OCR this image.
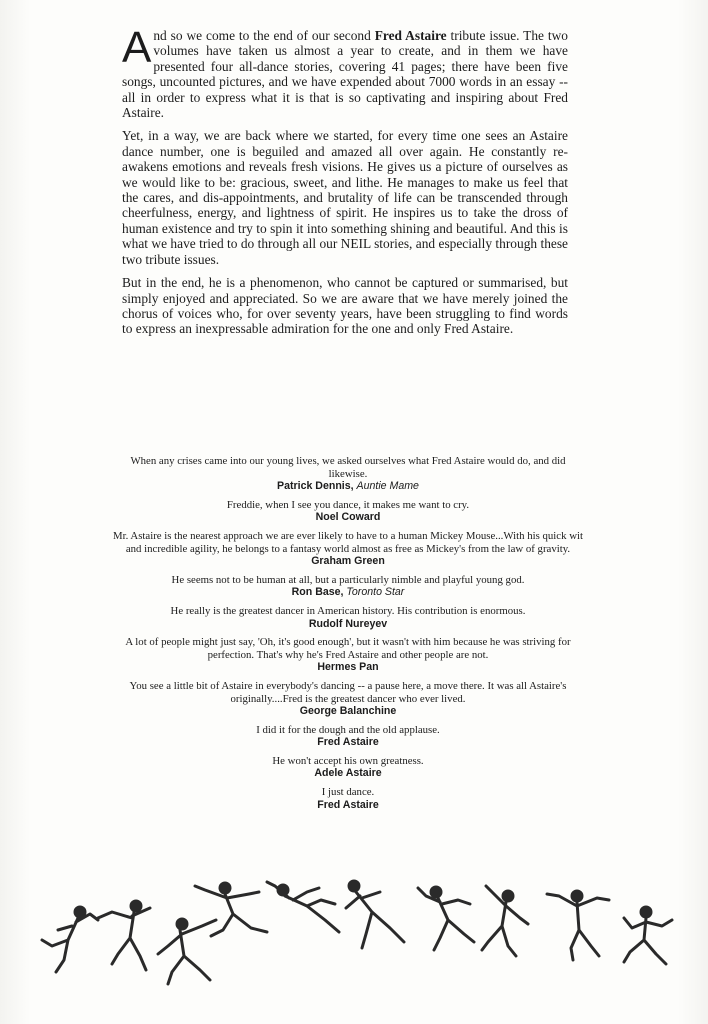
And so we come to the end of our second Fred Astaire tribute issue. The two volumes have taken us almost a year to create, and in them we have presented four all-dance stories, covering 41 pages; there have been five songs, uncounted pictures, and we have expended about 7000 words in an essay -- all in order to express what it is that is so captivating and inspiring about Fred Astaire.

Yet, in a way, we are back where we started, for every time one sees an Astaire dance number, one is beguiled and amazed all over again. He constantly re-awakens emotions and reveals fresh visions. He gives us a picture of ourselves as we would like to be: gracious, sweet, and lithe. He manages to make us feel that the cares, and dis-appointments, and brutality of life can be transcended through cheerfulness, energy, and lightness of spirit. He inspires us to take the dross of human existence and try to spin it into something shining and beautiful. And this is what we have tried to do through all our NEIL stories, and especially through these two tribute issues.

But in the end, he is a phenomenon, who cannot be captured or summarised, but simply enjoyed and appreciated. So we are aware that we have merely joined the chorus of voices who, for over seventy years, have been struggling to find words to express an inexpressable admiration for the one and only Fred Astaire.

When any crises came into our young lives, we asked ourselves what Fred Astaire would do, and did likewise.
Patrick Dennis, Auntie Mame
Freddie, when I see you dance, it makes me want to cry.
Noel Coward
Mr. Astaire is the nearest approach we are ever likely to have to a human Mickey Mouse...With his quick wit and incredible agility, he belongs to a fantasy world almost as free as Mickey's from the law of gravity.
Graham Green
He seems not to be human at all, but a particularly nimble and playful young god.
Ron Base, Toronto Star
He really is the greatest dancer in American history. His contribution is enormous.
Rudolf Nureyev
A lot of people might just say, 'Oh, it's good enough', but it wasn't with him because he was striving for perfection. That's why he's Fred Astaire and other people are not.
Hermes Pan
You see a little bit of Astaire in everybody's dancing -- a pause here, a move there. It was all Astaire's originally....Fred is the greatest dancer who ever lived.
George Balanchine
I did it for the dough and the old applause.
Fred Astaire
He won't accept his own greatness.
Adele Astaire
I just dance.
Fred Astaire
